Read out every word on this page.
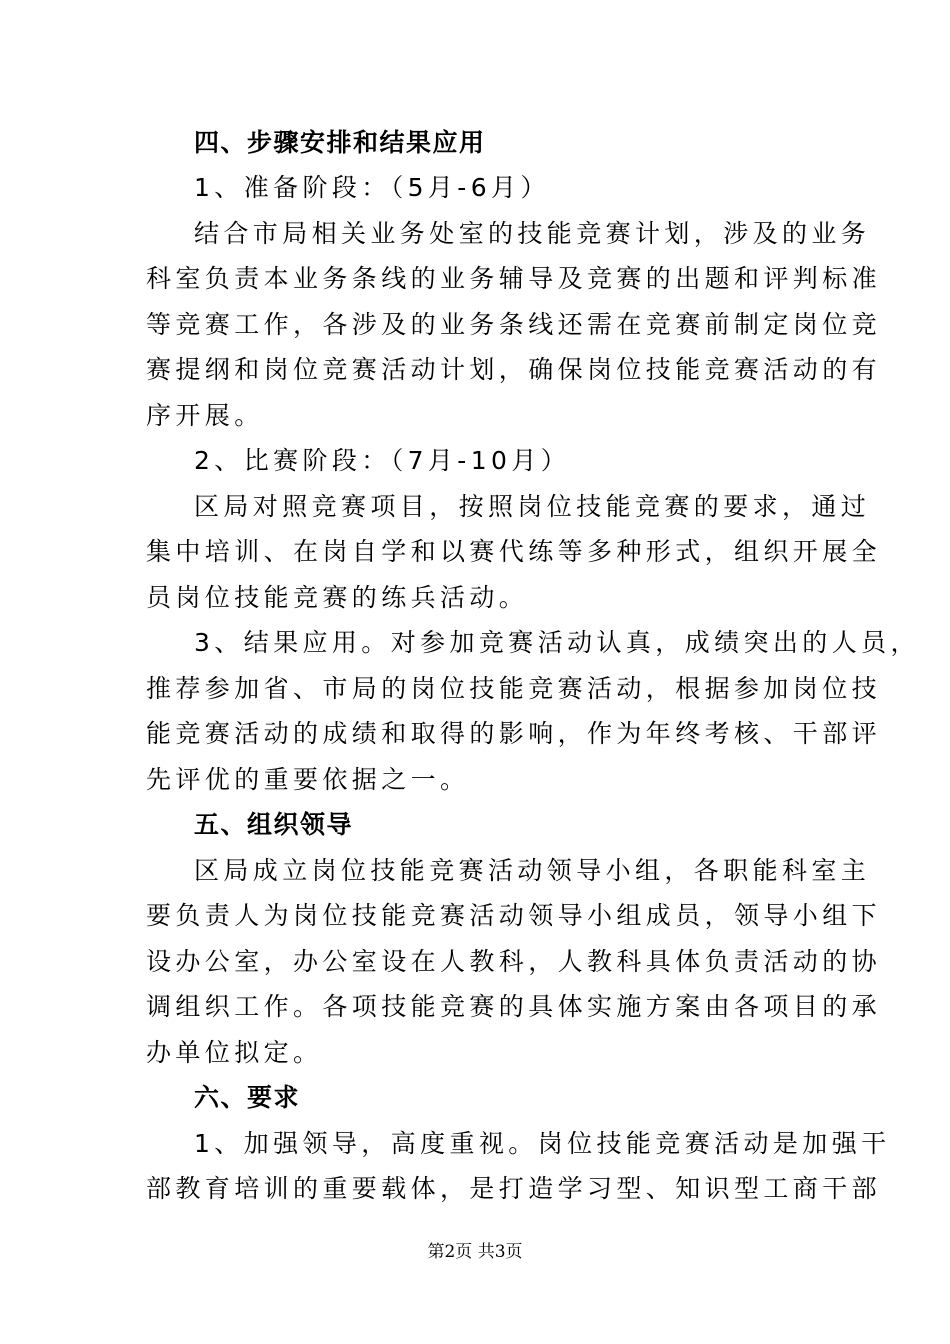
四、步骤安排和结果应用
1、准备阶段：（5月-6月）
结合市局相关业务处室的技能竞赛计划，涉及的业务
科室负责本业务条线的业务辅导及竞赛的出题和评判标准
等竞赛工作，各涉及的业务条线还需在竞赛前制定岗位竞
赛提纲和岗位竞赛活动计划，确保岗位技能竞赛活动的有
序开展。
2、比赛阶段：（7月-10月）
区局对照竞赛项目，按照岗位技能竞赛的要求，通过
集中培训、在岗自学和以赛代练等多种形式，组织开展全
员岗位技能竞赛的练兵活动。
3、结果应用。对参加竞赛活动认真，成绩突出的人员，
推荐参加省、市局的岗位技能竞赛活动，根据参加岗位技
能竞赛活动的成绩和取得的影响，作为年终考核、干部评
先评优的重要依据之一。
五、组织领导
区局成立岗位技能竞赛活动领导小组，各职能科室主
要负责人为岗位技能竞赛活动领导小组成员，领导小组下
设办公室，办公室设在人教科，人教科具体负责活动的协
调组织工作。各项技能竞赛的具体实施方案由各项目的承
办单位拟定。
六、要求
1、加强领导，高度重视。岗位技能竞赛活动是加强干
部教育培训的重要载体，是打造学习型、知识型工商干部
第2页 共3页
